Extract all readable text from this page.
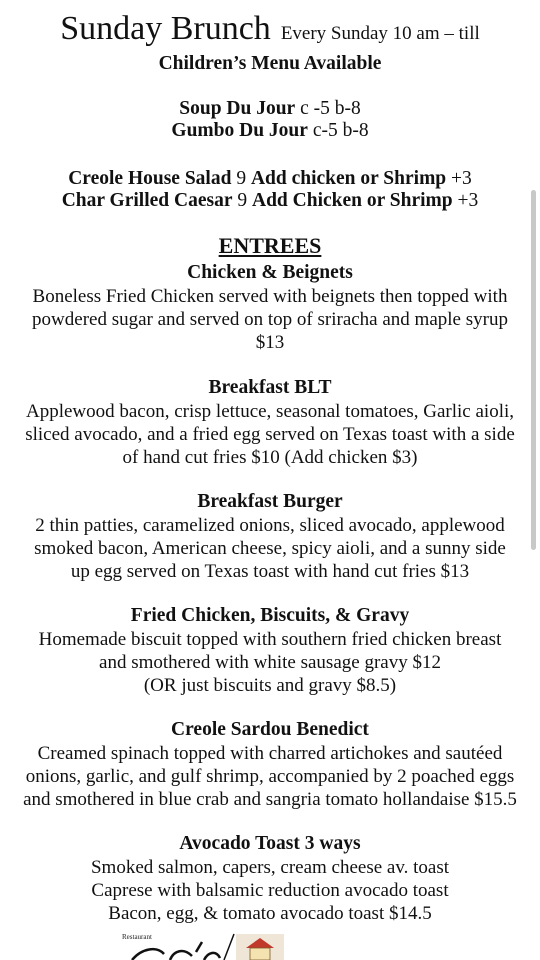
Sunday Brunch Every Sunday 10 am – till
Children’s Menu Available
Soup Du Jour c -5 b-8
Gumbo Du Jour c-5 b-8
Creole House Salad 9 Add chicken or Shrimp +3
Char Grilled Caesar 9 Add Chicken or Shrimp +3
ENTREES
Chicken & Beignets
Boneless Fried Chicken served with beignets then topped with
powdered sugar and served on top of sriracha and maple syrup
$13
Breakfast BLT
Applewood bacon, crisp lettuce, seasonal tomatoes, Garlic aioli,
sliced avocado, and a fried egg served on Texas toast with a side
of hand cut fries $10 (Add chicken $3)
Breakfast Burger
2 thin patties, caramelized onions, sliced avocado, applewood
smoked bacon, American cheese, spicy aioli, and a sunny side
up egg served on Texas toast with hand cut fries $13
Fried Chicken, Biscuits, & Gravy
Homemade biscuit topped with southern fried chicken breast
and smothered with white sausage gravy $12
(OR just biscuits and gravy $8.5)
Creole Sardou Benedict
Creamed spinach topped with charred artichokes and sautéed
onions, garlic, and gulf shrimp, accompanied by 2 poached eggs
and smothered in blue crab and sangria tomato hollandaise $15.5
Avocado Toast 3 ways
Smoked salmon, capers, cream cheese av. toast
Caprese with balsamic reduction avocado toast
Bacon, egg, & tomato avocado toast $14.5
Restaurant
